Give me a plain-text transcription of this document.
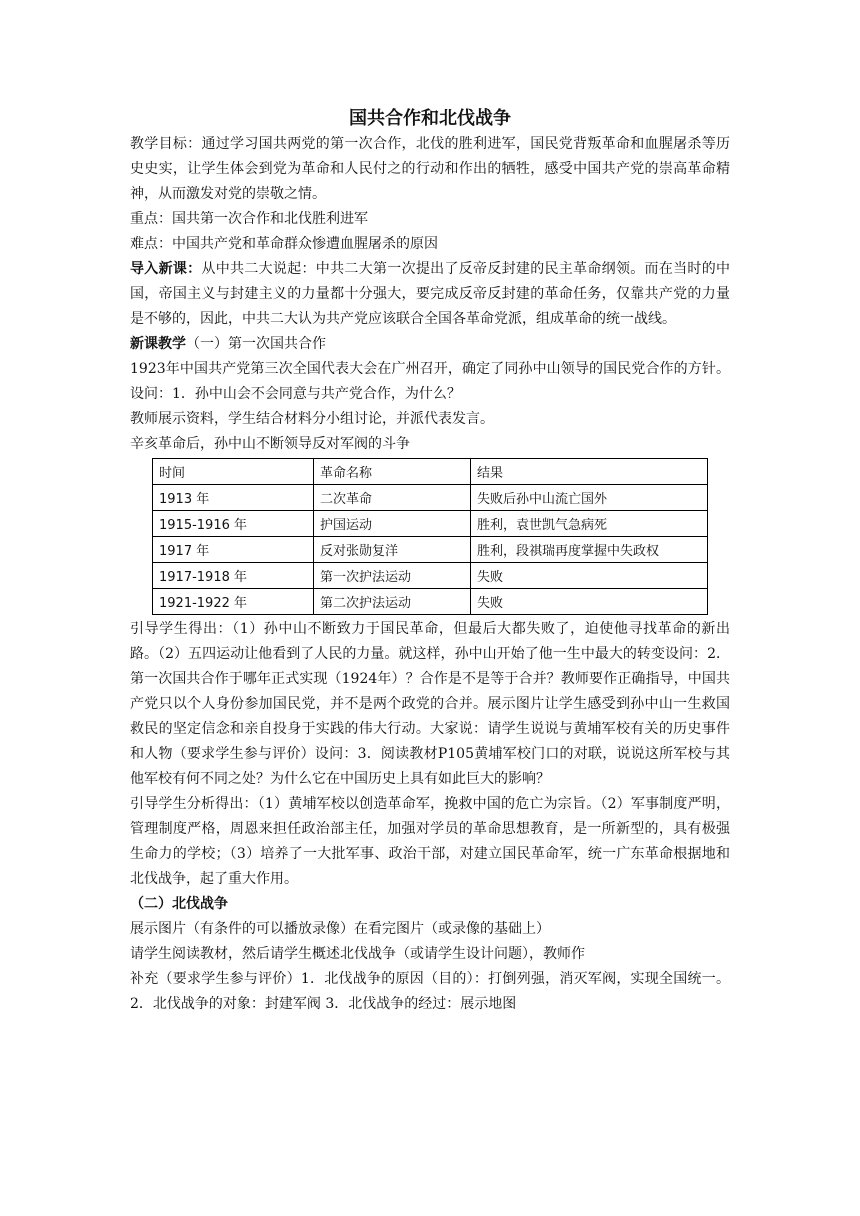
国共合作和北伐战争

教学目标：通过学习国共两党的第一次合作，北伐的胜利进军，国民党背叛革命和血腥屠杀等历史史实，让学生体会到党为革命和人民付之的行动和作出的牺牲，感受中国共产党的崇高革命精神，从而激发对党的崇敬之情。

重点：国共第一次合作和北伐胜利进军

难点：中国共产党和革命群众惨遭血腥屠杀的原因

导入新课：从中共二大说起：中共二大第一次提出了反帝反封建的民主革命纲领。而在当时的中国，帝国主义与封建主义的力量都十分强大，要完成反帝反封建的革命任务，仅靠共产党的力量是不够的，因此，中共二大认为共产党应该联合全国各革命党派，组成革命的统一战线。

新课教学（一）第一次国共合作

1923年中国共产党第三次全国代表大会在广州召开，确定了同孙中山领导的国民党合作的方针。设问：1．孙中山会不会同意与共产党合作，为什么？

教师展示资料，学生结合材料分小组讨论，并派代表发言。

辛亥革命后，孙中山不断领导反对军阀的斗争

时间	革命名称	结果
1913 年	二次革命	失败后孙中山流亡国外
1915-1916 年	护国运动	胜利，袁世凯气急病死
1917 年	反对张勋复洋	胜利，段祺瑞再度掌握中失政权
1917-1918 年	第一次护法运动	失败
1921-1922 年	第二次护法运动	失败

引导学生得出：（1）孙中山不断致力于国民革命，但最后大都失败了，迫使他寻找革命的新出路。（2）五四运动让他看到了人民的力量。就这样，孙中山开始了他一生中最大的转变设问：2．第一次国共合作于哪年正式实现（1924年）？合作是不是等于合并？教师要作正确指导，中国共产党只以个人身份参加国民党，并不是两个政党的合并。展示图片让学生感受到孙中山一生救国救民的坚定信念和亲自投身于实践的伟大行动。大家说：请学生说说与黄埔军校有关的历史事件和人物（要求学生参与评价）设问：3．阅读教材P105黄埔军校门口的对联，说说这所军校与其他军校有何不同之处？为什么它在中国历史上具有如此巨大的影响？

引导学生分析得出：（1）黄埔军校以创造革命军，挽救中国的危亡为宗旨。（2）军事制度严明，管理制度严格，周恩来担任政治部主任，加强对学员的革命思想教育，是一所新型的，具有极强生命力的学校；（3）培养了一大批军事、政治干部，对建立国民革命军，统一广东革命根据地和北伐战争，起了重大作用。

（二）北伐战争

展示图片（有条件的可以播放录像）在看完图片（或录像的基础上）

请学生阅读教材，然后请学生概述北伐战争（或请学生设计问题），教师作

补充（要求学生参与评价）1．北伐战争的原因（目的）：打倒列强，消灭军阀，实现全国统一。2．北伐战争的对象：封建军阀 3．北伐战争的经过：展示地图
